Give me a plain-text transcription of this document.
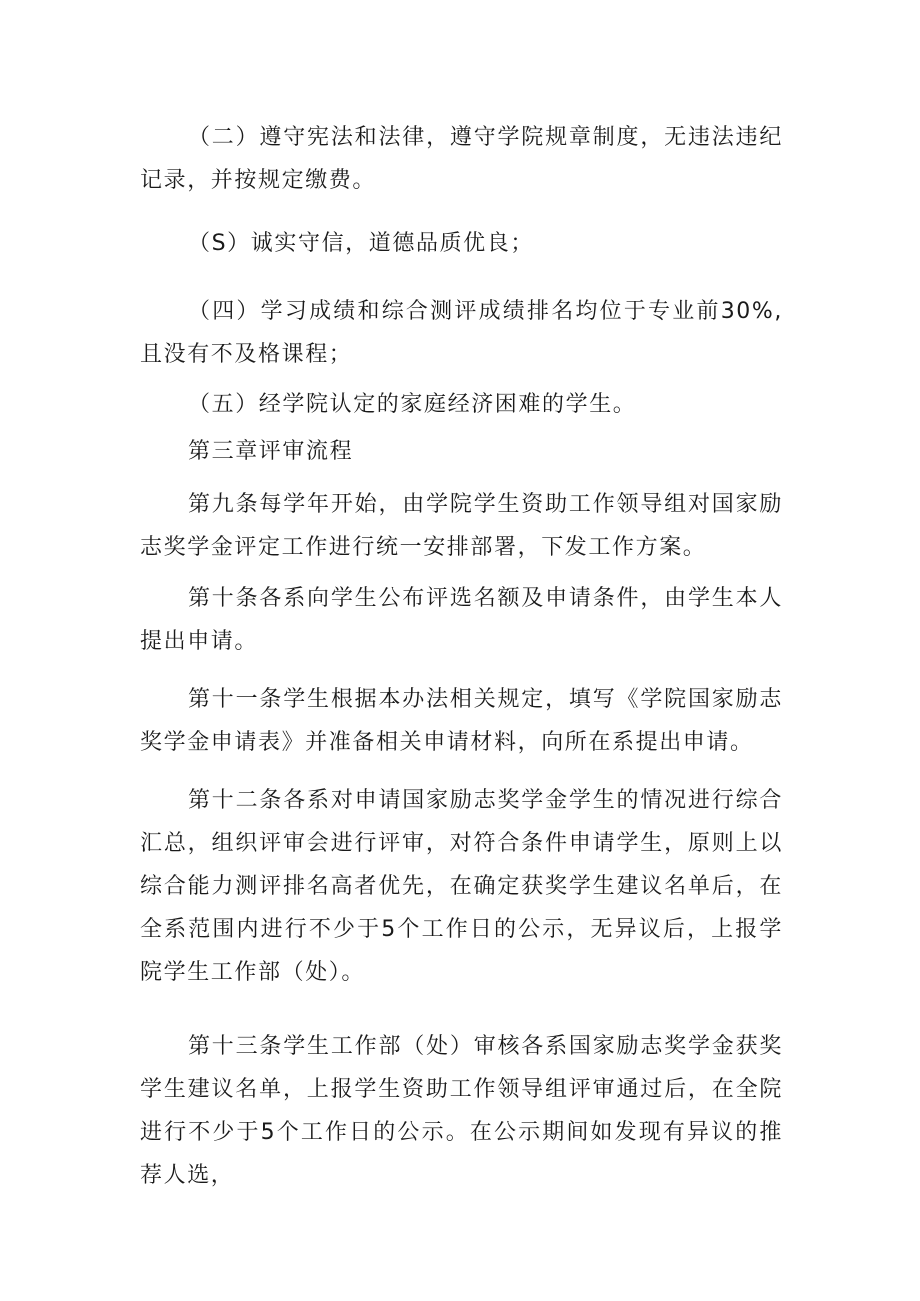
（二）遵守宪法和法律，遵守学院规章制度，无违法违纪记录，并按规定缴费。

（S）诚实守信，道德品质优良；

（四）学习成绩和综合测评成绩排名均位于专业前30%,且没有不及格课程；

（五）经学院认定的家庭经济困难的学生。

第三章评审流程

第九条每学年开始，由学院学生资助工作领导组对国家励志奖学金评定工作进行统一安排部署，下发工作方案。

第十条各系向学生公布评选名额及申请条件，由学生本人提出申请。

第十一条学生根据本办法相关规定，填写《学院国家励志奖学金申请表》并准备相关申请材料，向所在系提出申请。

第十二条各系对申请国家励志奖学金学生的情况进行综合汇总，组织评审会进行评审，对符合条件申请学生，原则上以综合能力测评排名高者优先，在确定获奖学生建议名单后，在全系范围内进行不少于5个工作日的公示，无异议后，上报学院学生工作部（处）。

第十三条学生工作部（处）审核各系国家励志奖学金获奖学生建议名单，上报学生资助工作领导组评审通过后，在全院进行不少于5个工作日的公示。在公示期间如发现有异议的推荐人选，
